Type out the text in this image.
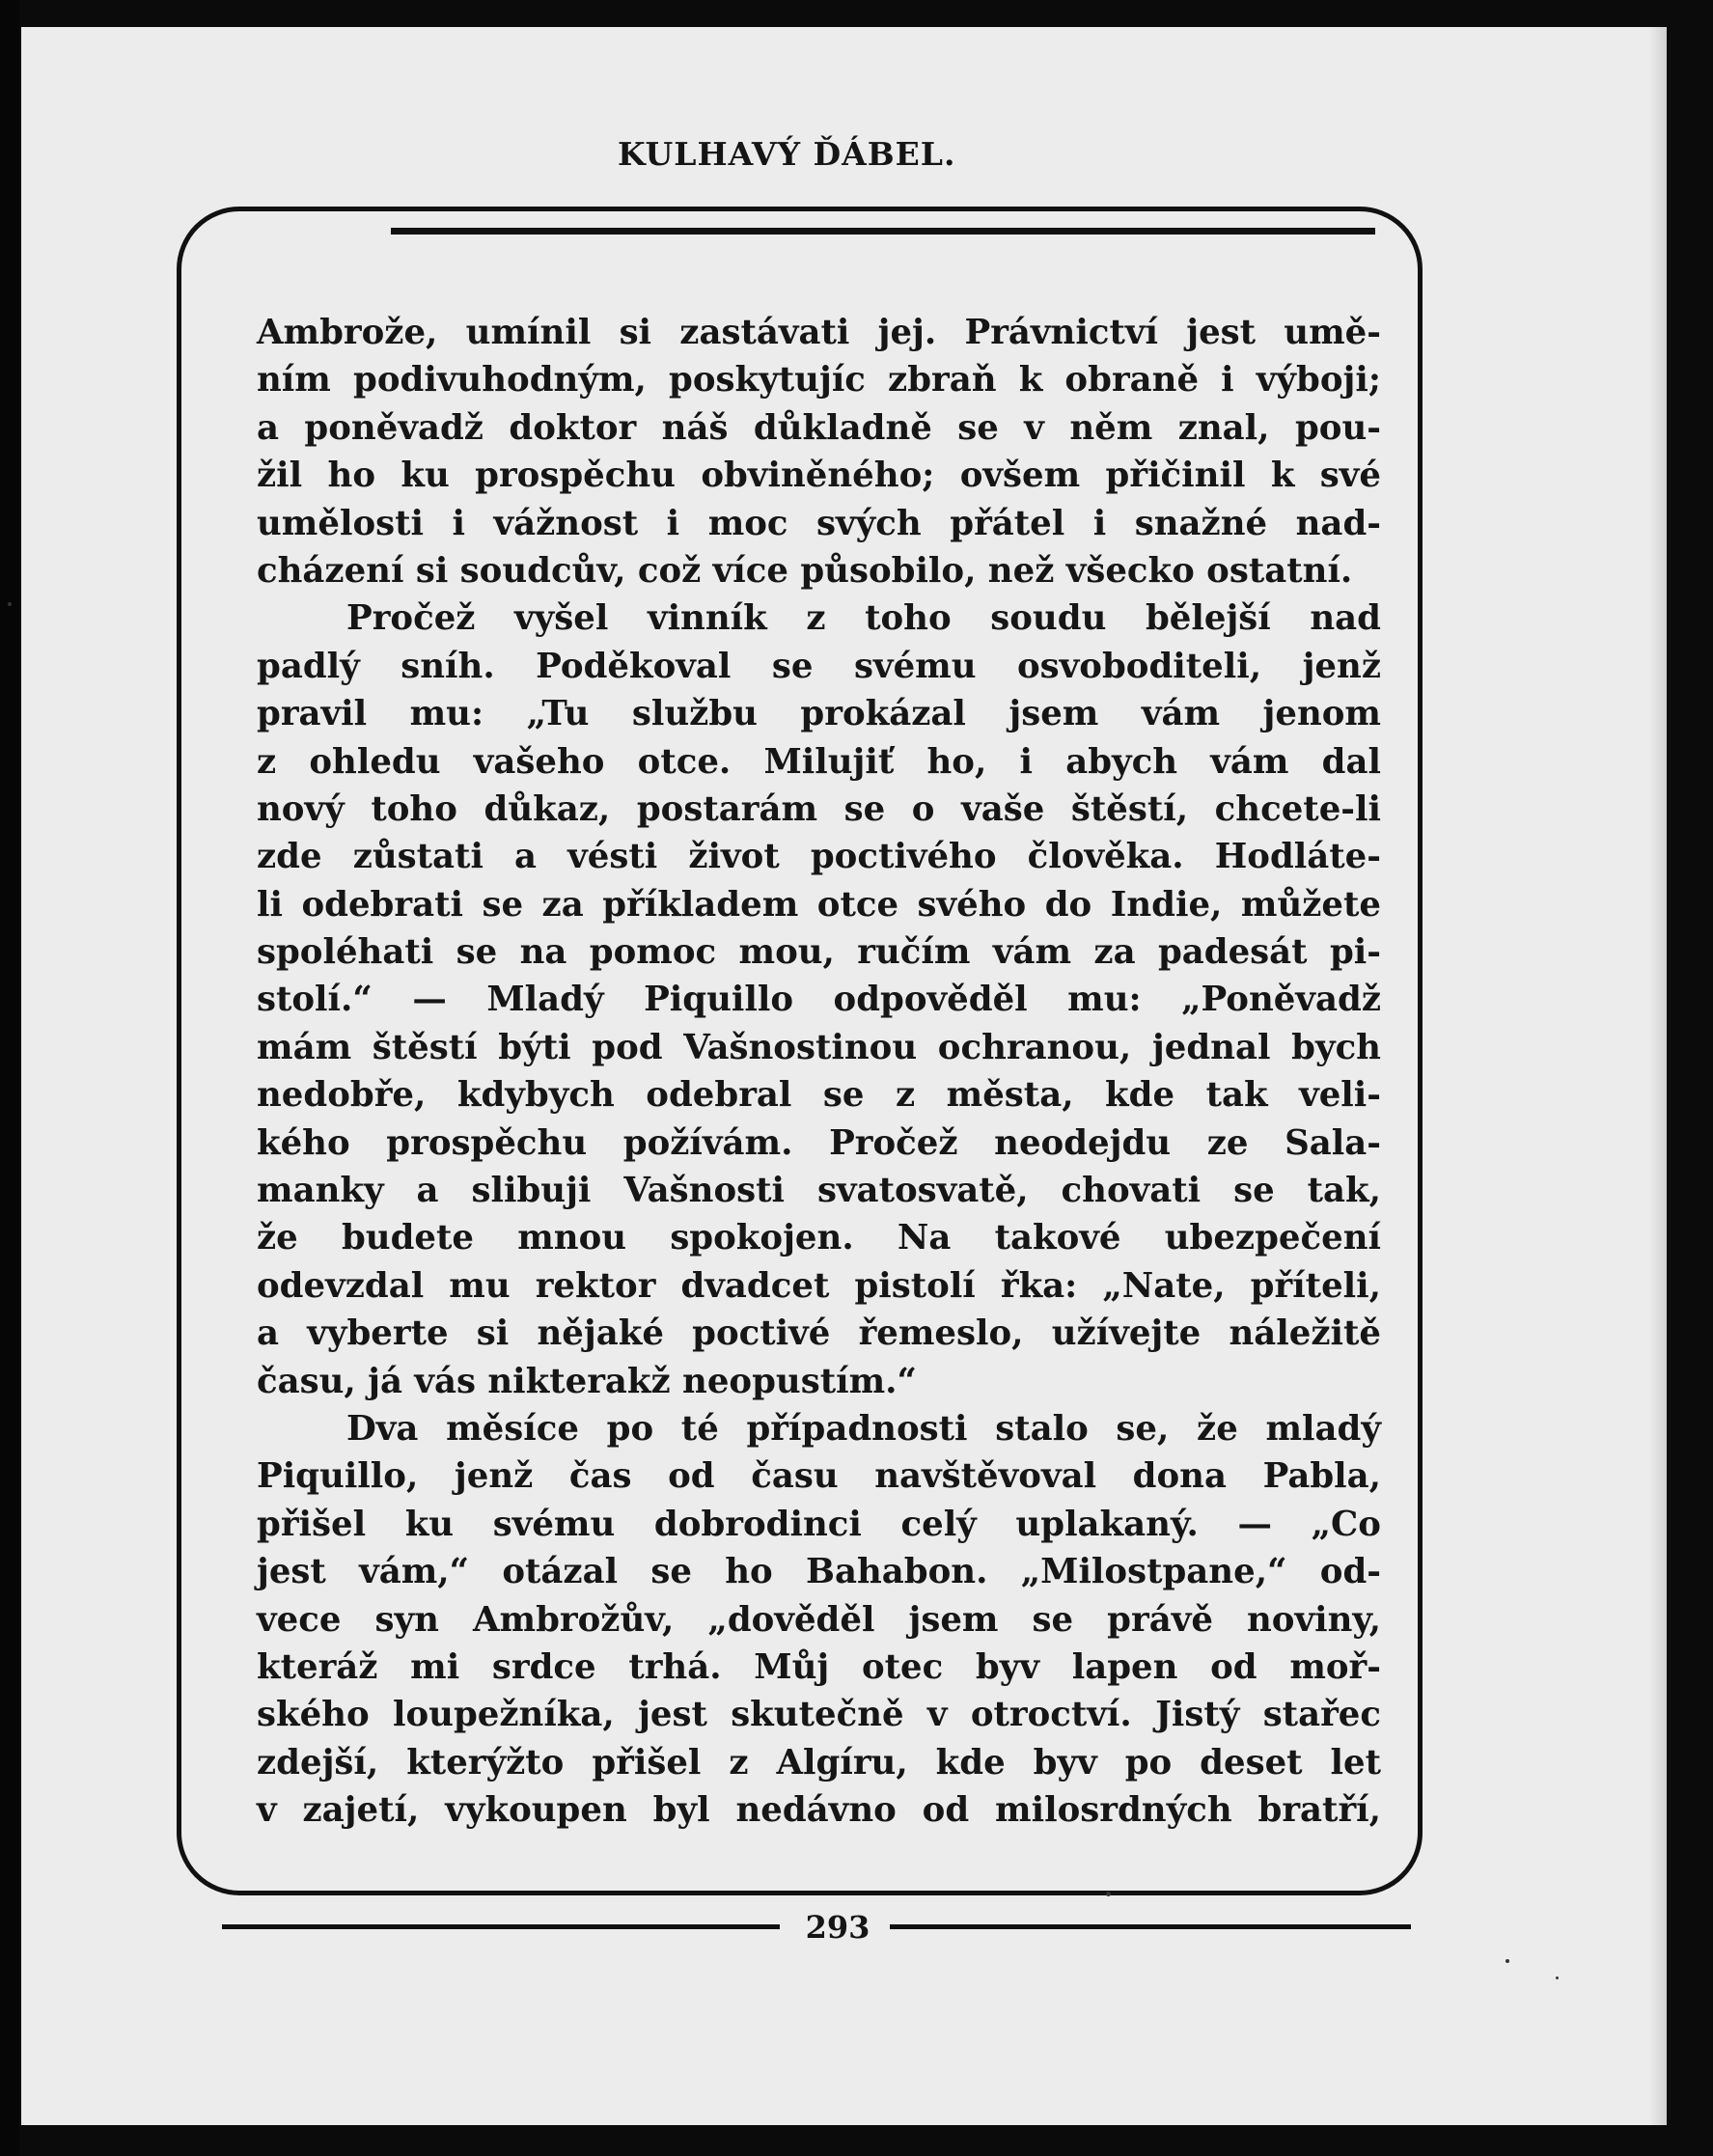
KULHAVÝ ĎÁBEL.
Ambrože, umínil si zastávati jej. Právnictví jest umě-
ním podivuhodným, poskytujíc zbraň k obraně i výboji;
a poněvadž doktor náš důkladně se v něm znal, pou-
žil ho ku prospěchu obviněného; ovšem přičinil k své
umělosti i vážnost i moc svých přátel i snažné nad-
cházení si soudcův, což více působilo, než všecko ostatní.
Pročež vyšel vinník z toho soudu bělejší nad
padlý sníh. Poděkoval se svému osvoboditeli, jenž
pravil mu: „Tu službu prokázal jsem vám jenom
z ohledu vašeho otce. Milujiť ho, i abych vám dal
nový toho důkaz, postarám se o vaše štěstí, chcete-li
zde zůstati a vésti život poctivého člověka. Hodláte-
li odebrati se za příkladem otce svého do Indie, můžete
spoléhati se na pomoc mou, ručím vám za padesát pi-
stolí.“ — Mladý Piquillo odpověděl mu: „Poněvadž
mám štěstí býti pod Vašnostinou ochranou, jednal bych
nedobře, kdybych odebral se z města, kde tak veli-
kého prospěchu požívám. Pročež neodejdu ze Sala-
manky a slibuji Vašnosti svatosvatě, chovati se tak,
že budete mnou spokojen. Na takové ubezpečení
odevzdal mu rektor dvadcet pistolí řka: „Nate, příteli,
a vyberte si nějaké poctivé řemeslo, užívejte náležitě
času, já vás nikterakž neopustím.“
Dva měsíce po té případnosti stalo se, že mladý
Piquillo, jenž čas od času navštěvoval dona Pabla,
přišel ku svému dobrodinci celý uplakaný. — „Co
jest vám,“ otázal se ho Bahabon. „Milostpane,“ od-
vece syn Ambrožův, „dověděl jsem se právě noviny,
kteráž mi srdce trhá. Můj otec byv lapen od moř-
ského loupežníka, jest skutečně v otroctví. Jistý stařec
zdejší, kterýžto přišel z Algíru, kde byv po deset let
v zajetí, vykoupen byl nedávno od milosrdných bratří,
293
